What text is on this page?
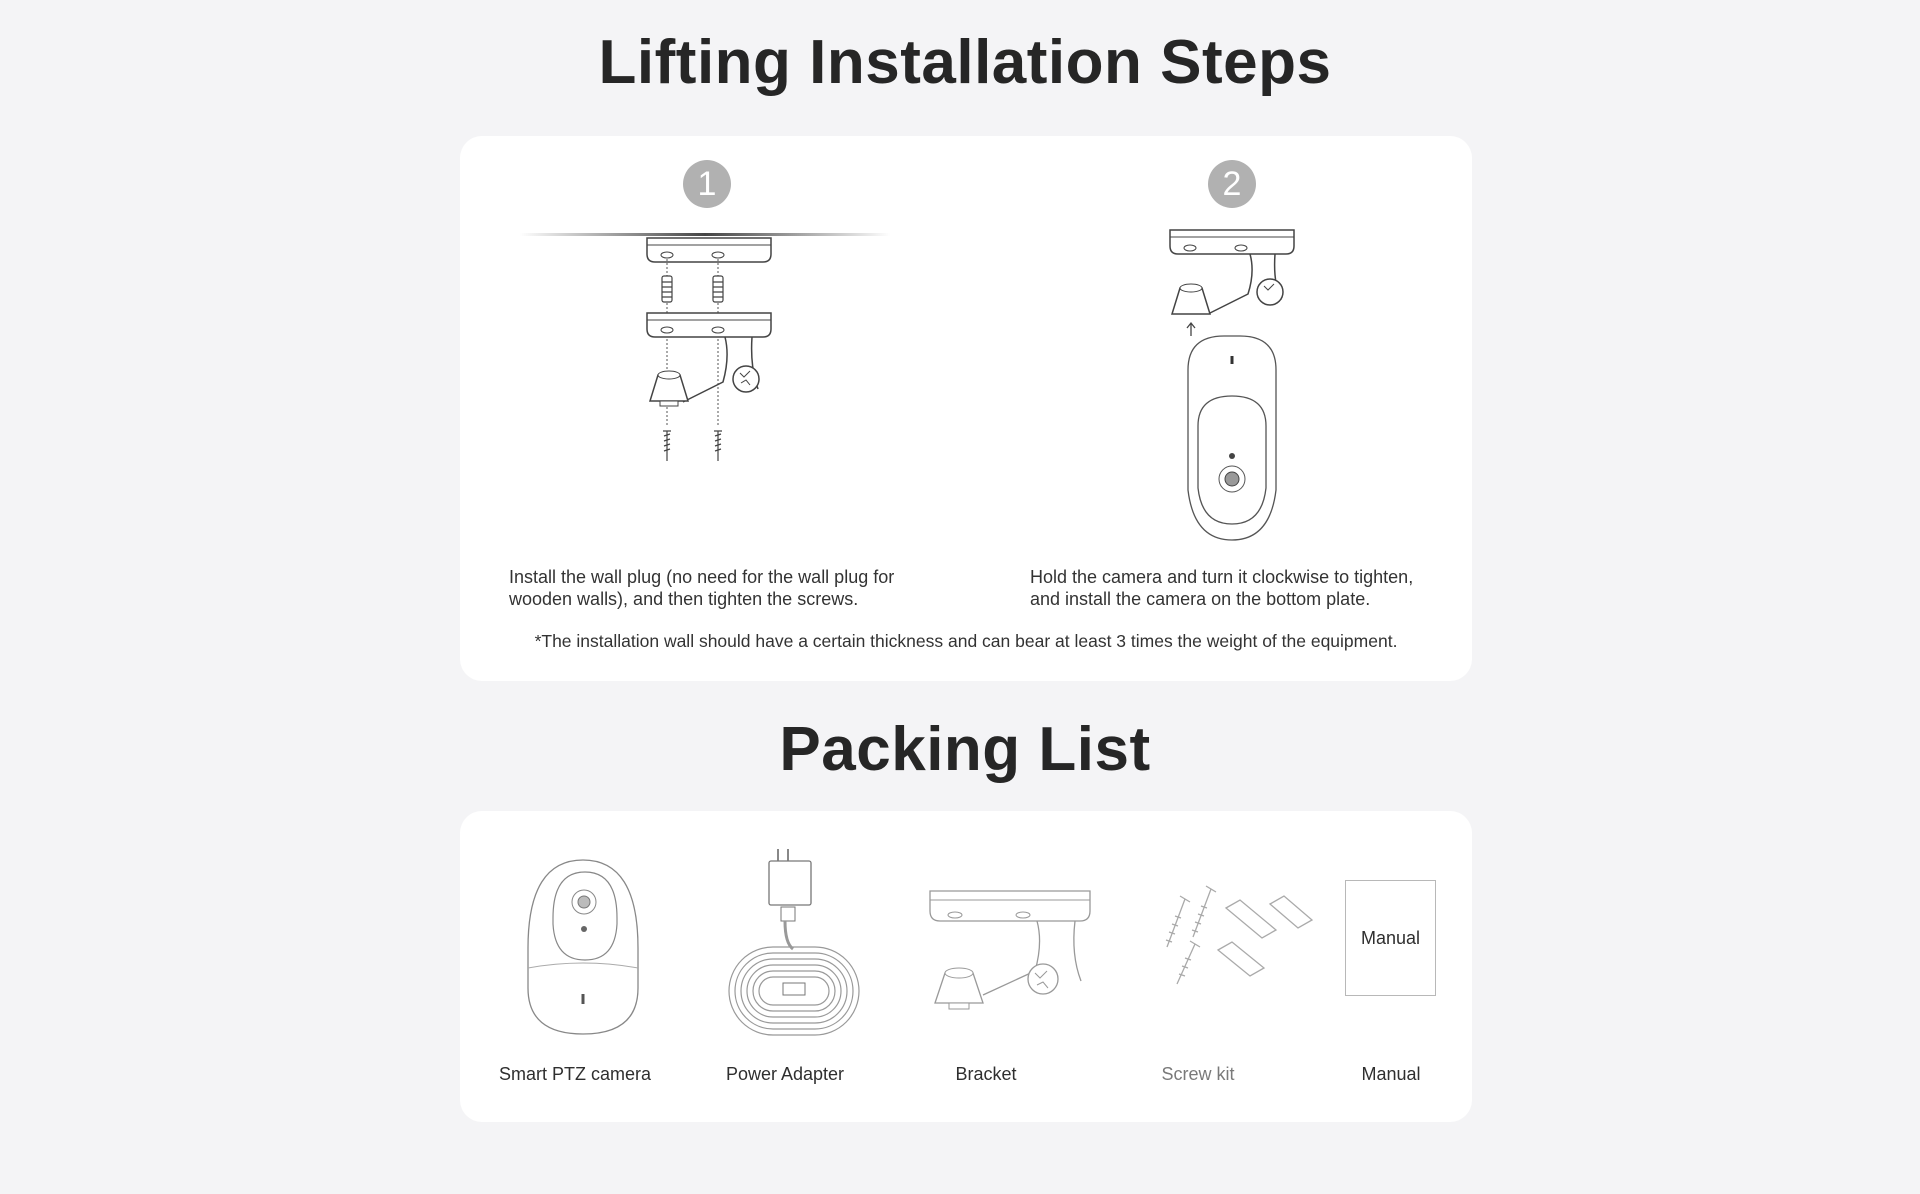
Lifting Installation Steps
1	2
Install the wall plug (no need for the wall plug for
wooden walls), and then tighten the screws.
Hold the camera and turn it clockwise to tighten,
and install the camera on the bottom plate.

*The installation wall should have a certain thickness and can bear at least 3 times the weight of the equipment.

Packing List
Manual
Smart PTZ camera	Power Adapter	Bracket	Screw kit	Manual
